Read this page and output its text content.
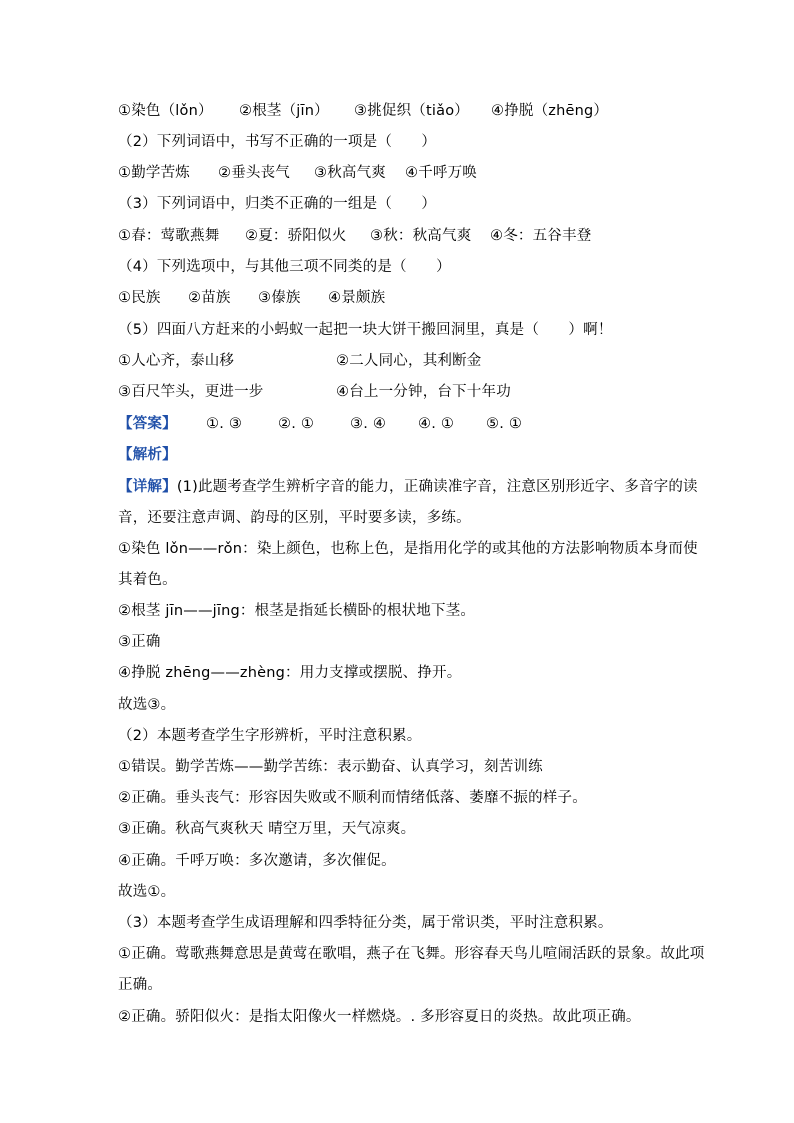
①染色（lǒn）	②根茎（jīn）	③挑促织（tiǎo）	④挣脱（zhēng）
（2）下列词语中，书写不正确的一项是（　　）
①勤学苦炼	②垂头丧气	③秋高气爽	④千呼万唤
（3）下列词语中，归类不正确的一组是（　　）
①春：莺歌燕舞	②夏：骄阳似火	③秋：秋高气爽	④冬：五谷丰登
（4）下列选项中，与其他三项不同类的是（　　）
①民族	②苗族	③傣族	④景颇族
（5）四面八方赶来的小蚂蚁一起把一块大饼干搬回洞里，真是（　　）啊！
①人心齐，泰山移	②二人同心，其利断金
③百尺竿头，更进一步	④台上一分钟，台下十年功
【答案】	①. ③	②. ①	③. ④	④. ①	⑤. ①
【解析】
【详解】 (1)此题考查学生辨析字音的能力，正确读准字音，注意区别形近字、多音字的读
音，还要注意声调、韵母的区别，平时要多读，多练。
①染色 lǒn——rǒn：染上颜色，也称上色，是指用化学的或其他的方法影响物质本身而使
其着色。
②根茎 jīn——jīng：根茎是指延长横卧的根状地下茎。
③正确
④挣脱 zhēng——zhèng：用力支撑或摆脱、挣开。
故选③。
（2）本题考查学生字形辨析，平时注意积累。
①错误。勤学苦炼——勤学苦练：表示勤奋、认真学习，刻苦训练
②正确。垂头丧气：形容因失败或不顺利而情绪低落、萎靡不振的样子。
③正确。秋高气爽秋天 晴空万里，天气凉爽。
④正确。千呼万唤：多次邀请，多次催促。
故选①。
（3）本题考查学生成语理解和四季特征分类，属于常识类，平时注意积累。
①正确。莺歌燕舞意思是黄莺在歌唱，燕子在飞舞。形容春天鸟儿喧闹活跃的景象。故此项
正确。
②正确。骄阳似火：是指太阳像火一样燃烧。. 多形容夏日的炎热。故此项正确。
